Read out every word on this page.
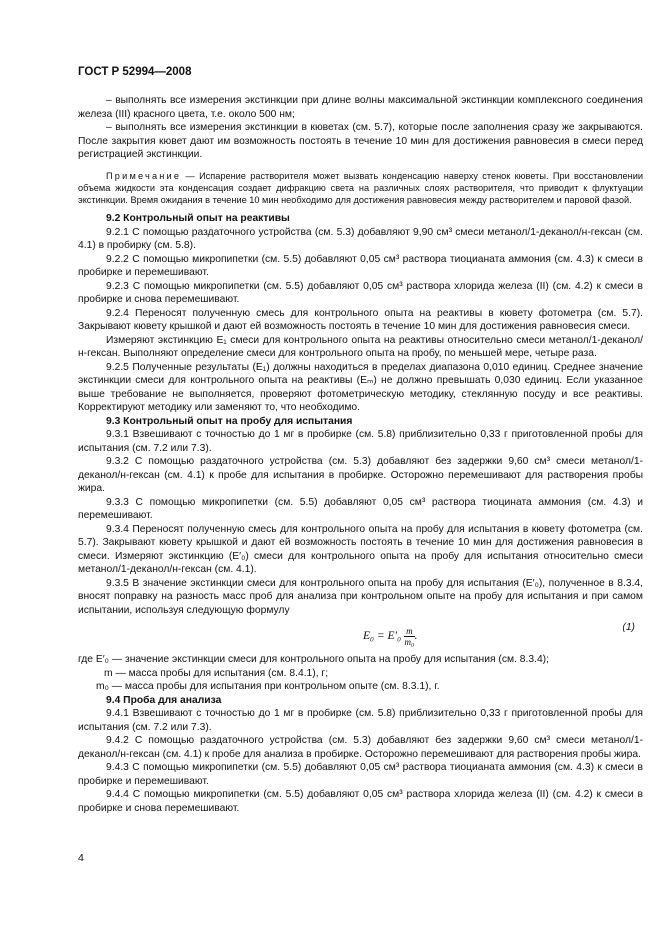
ГОСТ Р 52994—2008

– выполнять все измерения экстинкции при длине волны максимальной экстинкции комплексного соединения железа (III) красного цвета, т.е. около 500 нм;

– выполнять все измерения экстинкции в кюветах (см. 5.7), которые после заполнения сразу же закрываются. После закрытия кювет дают им возможность постоять в течение 10 мин для достижения равновесия в смеси перед регистрацией экстинкции.

Примечание — Испарение растворителя может вызвать конденсацию наверху стенок кюветы. При восстановлении объема жидкости эта конденсация создает дифракцию света на различных слоях растворителя, что приводит к флуктуации экстинкции. Время ожидания в течение 10 мин необходимо для достижения равновесия между растворителем и паровой фазой.

9.2 Контрольный опыт на реактивы

9.2.1 С помощью раздаточного устройства (см. 5.3) добавляют 9,90 см³ смеси метанол/1-деканол/н-гексан (см. 4.1) в пробирку (см. 5.8).

9.2.2 С помощью микропипетки (см. 5.5) добавляют 0,05 см³ раствора тиоцианата аммония (см. 4.3) к смеси в пробирке и перемешивают.

9.2.3 С помощью микропипетки (см. 5.5) добавляют 0,05 см³ раствора хлорида железа (II) (см. 4.2) к смеси в пробирке и снова перемешивают.

9.2.4 Переносят полученную смесь для контрольного опыта на реактивы в кювету фотометра (см. 5.7). Закрывают кювету крышкой и дают ей возможность постоять в течение 10 мин для достижения равновесия смеси.

Измеряют экстинкцию E₁ смеси для контрольного опыта на реактивы относительно смеси метанол/1-деканол/н-гексан. Выполняют определение смеси для контрольного опыта на пробу, по меньшей мере, четыре раза.

9.2.5 Полученные результаты (E₁) должны находиться в пределах диапазона 0,010 единиц. Среднее значение экстинкции смеси для контрольного опыта на реактивы (Eₘ) не должно превышать 0,030 единиц. Если указанное выше требование не выполняется, проверяют фотометрическую методику, стеклянную посуду и все реактивы. Корректируют методику или заменяют то, что необходимо.

9.3 Контрольный опыт на пробу для испытания

9.3.1 Взвешивают с точностью до 1 мг в пробирке (см. 5.8) приблизительно 0,33 г приготовленной пробы для испытания (см. 7.2 или 7.3).

9.3.2 С помощью раздаточного устройства (см. 5.3) добавляют без задержки 9,60 см³ смеси метанол/1-деканол/н-гексан (см. 4.1) к пробе для испытания в пробирке. Осторожно перемешивают для растворения пробы жира.

9.3.3 С помощью микропипетки (см. 5.5) добавляют 0,05 см³ раствора тиоцината аммония (см. 4.3) и перемешивают.

9.3.4 Переносят полученную смесь для контрольного опыта на пробу для испытания в кювету фотометра (см. 5.7). Закрывают кювету крышкой и дают ей возможность постоять в течение 10 мин для достижения равновесия в смеси. Измеряют экстинкцию (E′₀) смеси для контрольного опыта на пробу для испытания относительно смеси метанол/1-деканол/н-гексан (см. 4.1).

9.3.5 В значение экстинкции смеси для контрольного опыта на пробу для испытания (E′₀), полученное в 8.3.4, вносят поправку на разность масс проб для анализа при контрольном опыте на пробу для испытания и при самом испытании, используя следующую формулу

$E_0 = E'_0 \frac{m}{\text{m₀}}$ .
(1)

где E′₀ — значение экстинкции смеси для контрольного опыта на пробу для испытания (см. 8.3.4);

m — масса пробы для испытания (см. 8.4.1), г;

m₀ — масса пробы для испытания при контрольном опыте (см. 8.3.1), г.

9.4 Проба для анализа

9.4.1 Взвешивают с точностью до 1 мг в пробирке (см. 5.8) приблизительно 0,33 г приготовленной пробы для испытания (см. 7.2 или 7.3).

9.4.2 С помощью раздаточного устройства (см. 5.3) добавляют без задержки 9,60 см³ смеси метанол/1-деканол/н-гексан (см. 4.1) к пробе для анализа в пробирке. Осторожно перемешивают для растворения пробы жира.

9.4.3 С помощью микропипетки (см. 5.5) добавляют 0,05 см³ раствора тиоцианата аммония (см. 4.3) к смеси в пробирке и перемешивают.

9.4.4 С помощью микропипетки (см. 5.5) добавляют 0,05 см³ раствора хлорида железа (II) (см. 4.2) к смеси в пробирке и снова перемешивают.

4
